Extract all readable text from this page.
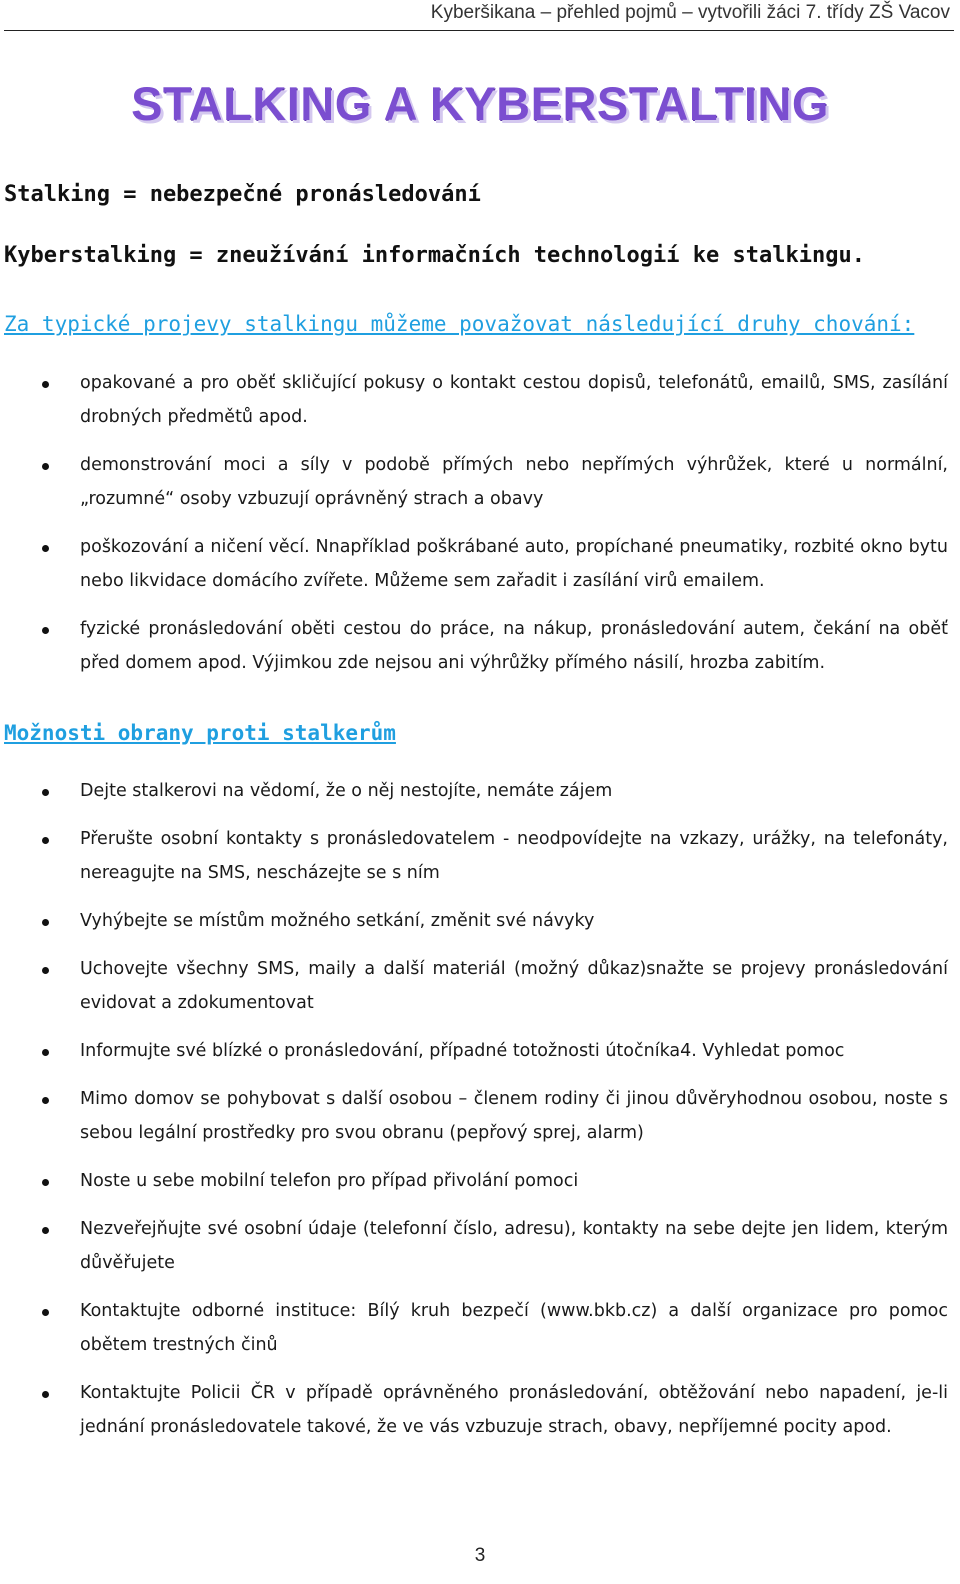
Kyberšikana – přehled pojmů – vytvořili žáci 7. třídy ZŠ Vacov
STALKING A KYBERSTALTING
Stalking = nebezpečné pronásledování
Kyberstalking = zneužívání informačních technologií ke stalkingu.
Za typické projevy stalkingu můžeme považovat následující druhy chování:
opakované a pro oběť skličující pokusy o kontakt cestou dopisů, telefonátů, emailů, SMS, zasílání drobných předmětů apod.
demonstrování moci a síly v podobě přímých nebo nepřímých výhrůžek, které u normální, „rozumné“ osoby vzbuzují oprávněný strach a obavy
poškozování a ničení věcí. Nnapříklad poškrábané auto, propíchané pneumatiky, rozbité okno bytu nebo likvidace domácího zvířete. Můžeme sem zařadit i zasílání virů emailem.
fyzické pronásledování oběti cestou do práce, na nákup, pronásledování autem, čekání na oběť před domem apod. Výjimkou zde nejsou ani výhrůžky přímého násilí, hrozba zabitím.
Možnosti obrany proti stalkerům
Dejte stalkerovi na vědomí, že o něj nestojíte, nemáte zájem
Přerušte osobní kontakty s pronásledovatelem - neodpovídejte na vzkazy, urážky, na telefonáty, nereagujte na SMS, nescházejte se s ním
Vyhýbejte se místům možného setkání, změnit své návyky
Uchovejte všechny SMS, maily a další materiál (možný důkaz)snažte se projevy pronásledování evidovat a zdokumentovat
Informujte své blízké o pronásledování, případné totožnosti útočníka4. Vyhledat pomoc
Mimo domov se pohybovat s další osobou – členem rodiny či jinou důvěryhodnou osobou, noste s sebou legální prostředky pro svou obranu (pepřový sprej, alarm)
Noste u sebe mobilní telefon pro případ přivolání pomoci
Nezveřejňujte své osobní údaje (telefonní číslo, adresu), kontakty na sebe dejte jen lidem, kterým důvěřujete
Kontaktujte odborné instituce: Bílý kruh bezpečí (www.bkb.cz) a další organizace pro pomoc obětem trestných činů
Kontaktujte Policii ČR v případě oprávněného pronásledování, obtěžování nebo napadení, je-li jednání pronásledovatele takové, že ve vás vzbuzuje strach, obavy, nepříjemné pocity apod.
3
